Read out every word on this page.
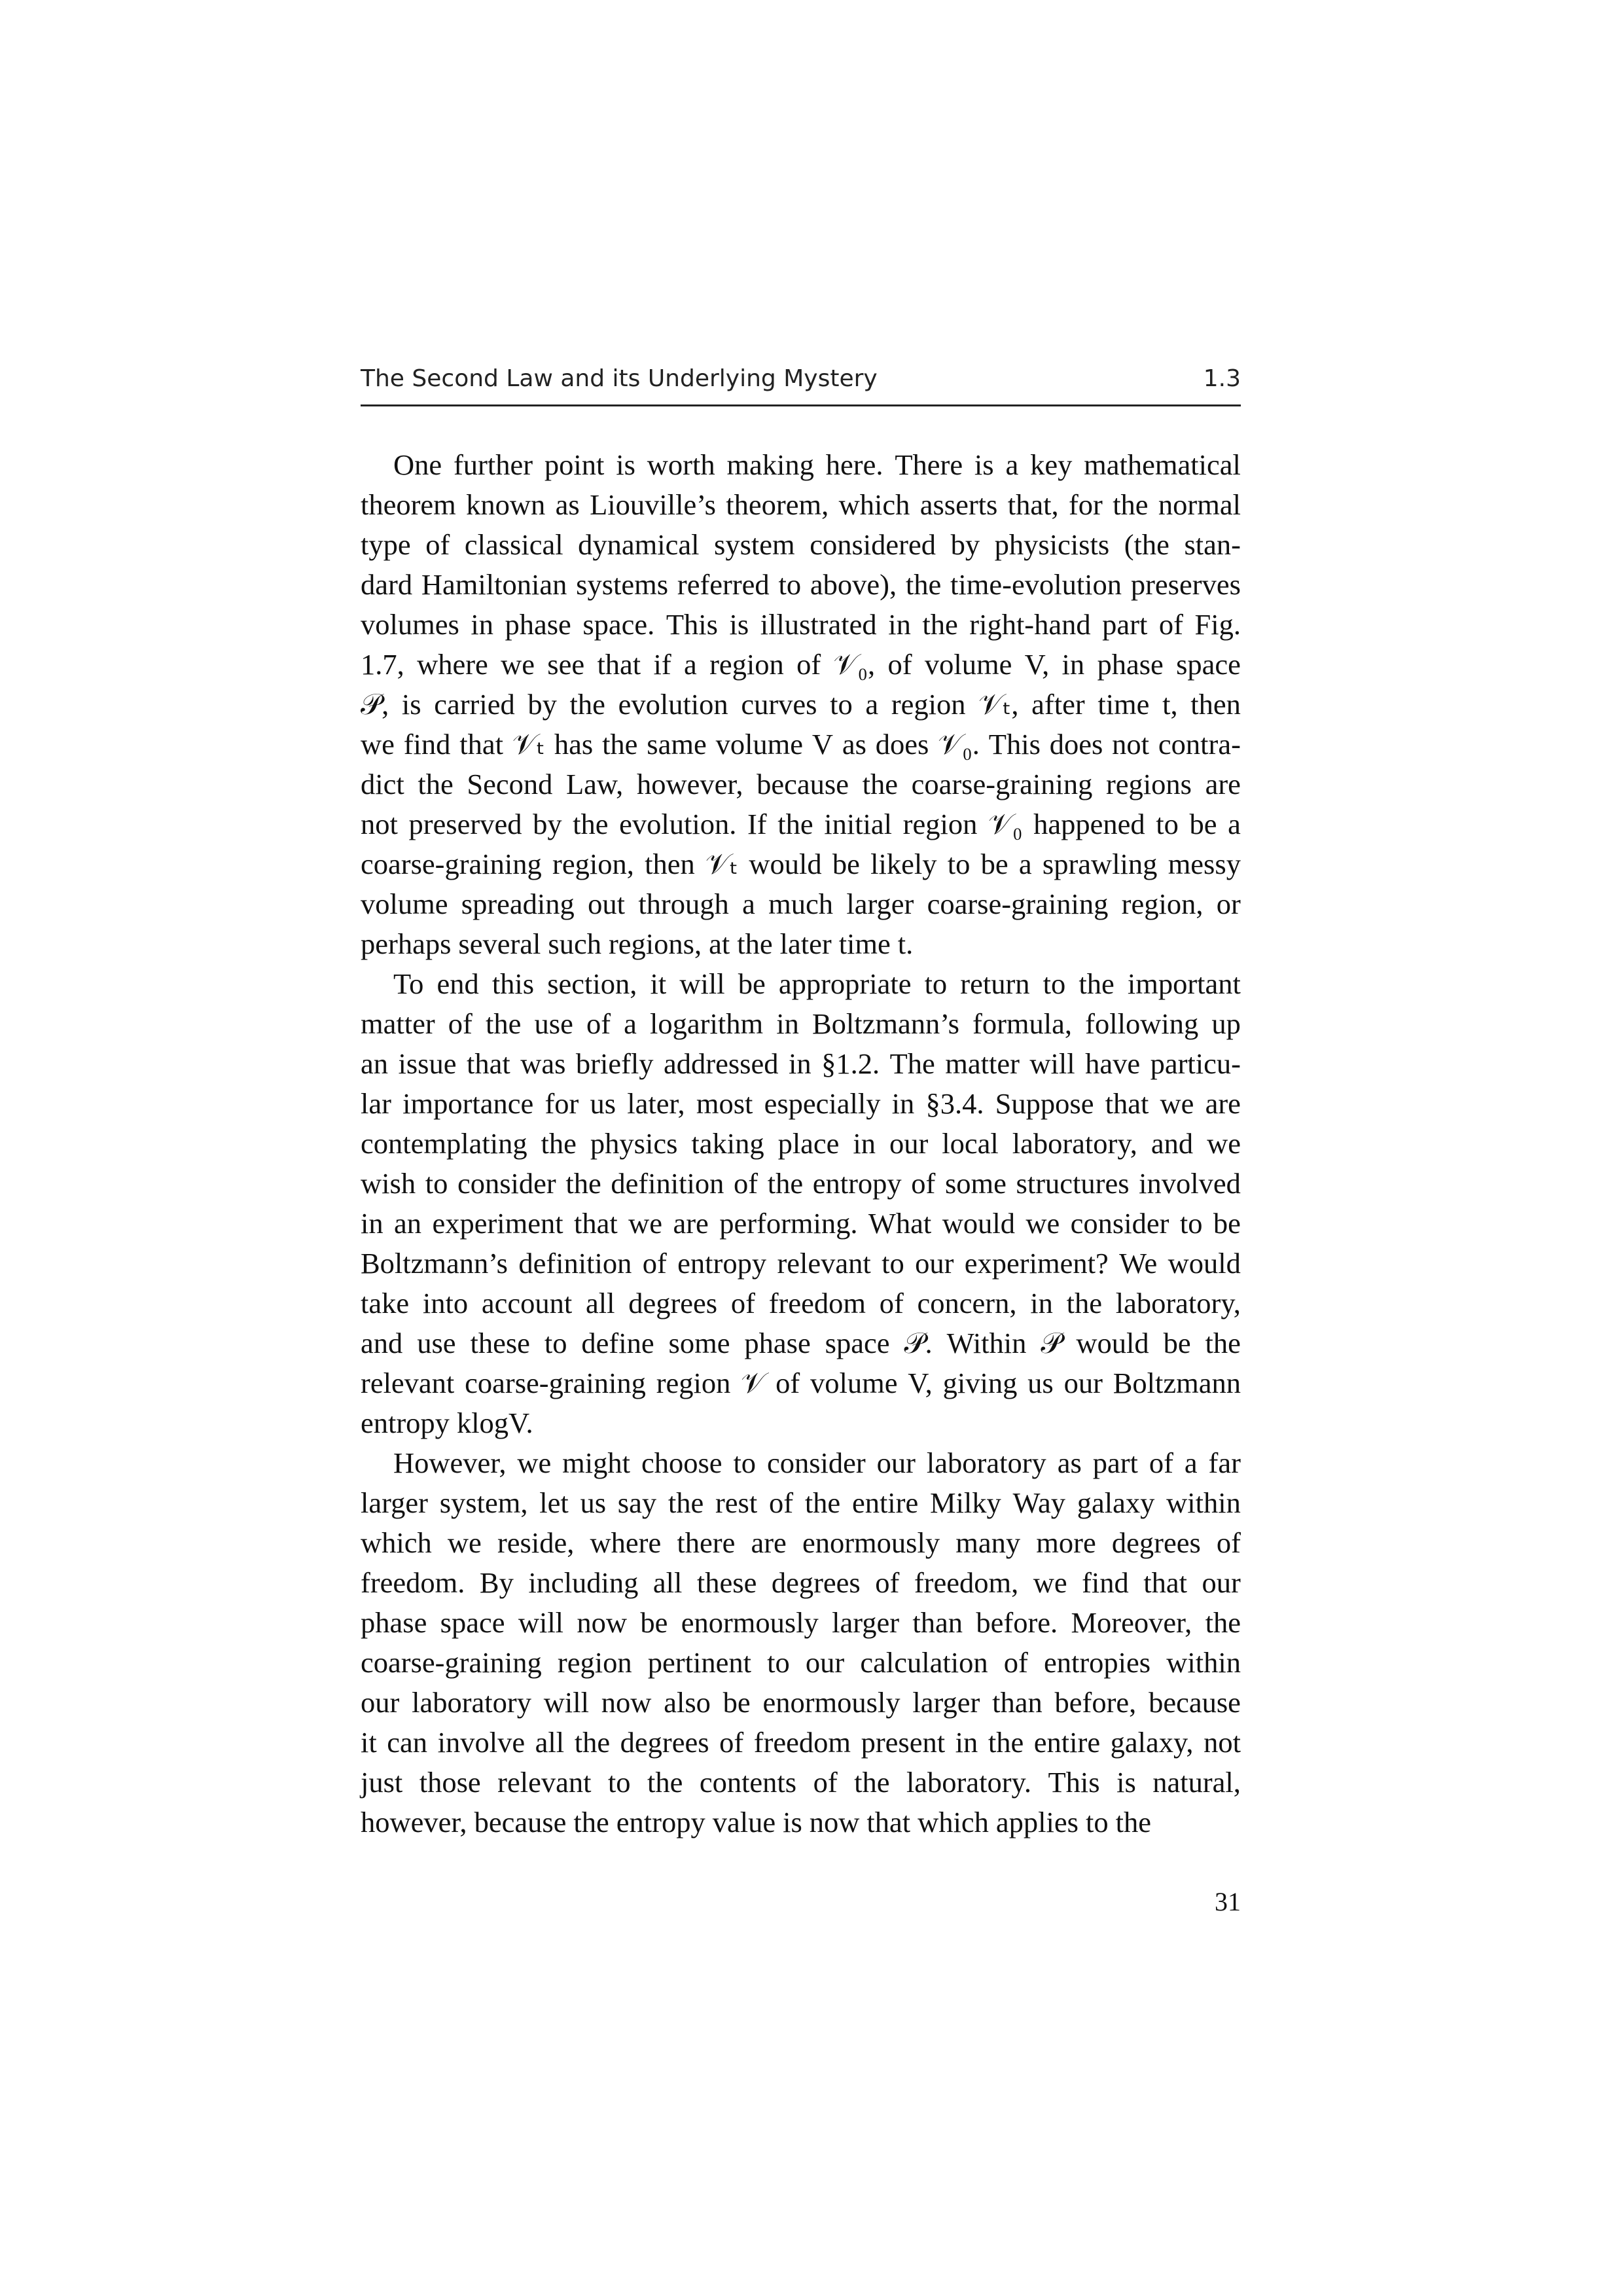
The Second Law and its Underlying Mystery	1.3
One further point is worth making here. There is a key mathematical
theorem known as Liouville’s theorem, which asserts that, for the normal
type of classical dynamical system considered by physicists (the stan-
dard Hamiltonian systems referred to above), the time-evolution preserves
volumes in phase space. This is illustrated in the right-hand part of Fig.
1.7, where we see that if a region of 𝒱₀, of volume V, in phase space
𝒫, is carried by the evolution curves to a region 𝒱ₜ, after time t, then
we find that 𝒱ₜ has the same volume V as does 𝒱₀. This does not contra-
dict the Second Law, however, because the coarse-graining regions are
not preserved by the evolution. If the initial region 𝒱₀ happened to be a
coarse-graining region, then 𝒱ₜ would be likely to be a sprawling messy
volume spreading out through a much larger coarse-graining region, or
perhaps several such regions, at the later time t.
To end this section, it will be appropriate to return to the important
matter of the use of a logarithm in Boltzmann’s formula, following up
an issue that was briefly addressed in §1.2. The matter will have particu-
lar importance for us later, most especially in §3.4. Suppose that we are
contemplating the physics taking place in our local laboratory, and we
wish to consider the definition of the entropy of some structures involved
in an experiment that we are performing. What would we consider to be
Boltzmann’s definition of entropy relevant to our experiment? We would
take into account all degrees of freedom of concern, in the laboratory,
and use these to define some phase space 𝒫. Within 𝒫 would be the
relevant coarse-graining region 𝒱 of volume V, giving us our Boltzmann
entropy klogV.
However, we might choose to consider our laboratory as part of a far
larger system, let us say the rest of the entire Milky Way galaxy within
which we reside, where there are enormously many more degrees of
freedom. By including all these degrees of freedom, we find that our
phase space will now be enormously larger than before. Moreover, the
coarse-graining region pertinent to our calculation of entropies within
our laboratory will now also be enormously larger than before, because
it can involve all the degrees of freedom present in the entire galaxy, not
just those relevant to the contents of the laboratory. This is natural,
however, because the entropy value is now that which applies to the
31
